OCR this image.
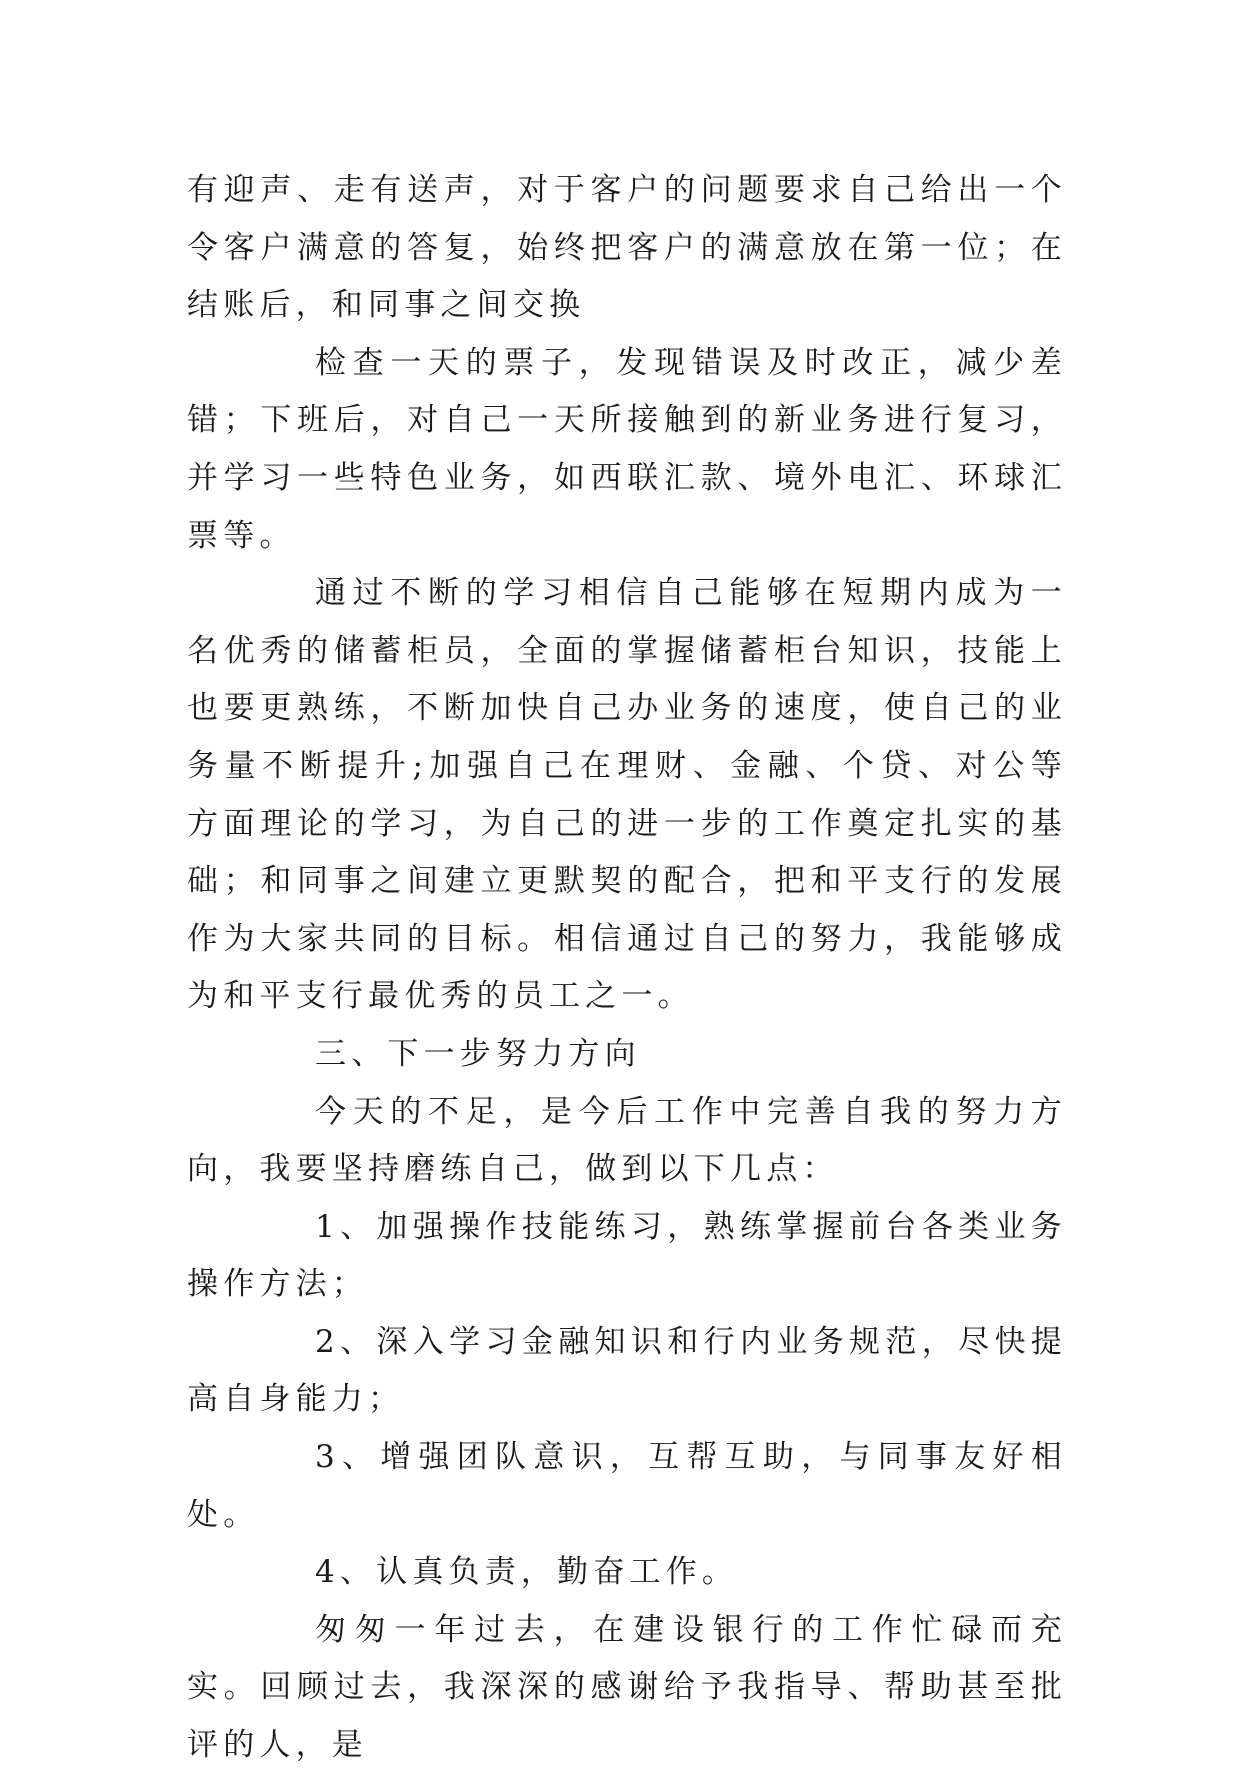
有迎声、走有送声，对于客户的问题要求自己给出一个令客户满意的答复，始终把客户的满意放在第一位；在结账后，和同事之间交换

检查一天的票子，发现错误及时改正，减少差错；下班后，对自己一天所接触到的新业务进行复习，并学习一些特色业务，如西联汇款、境外电汇、环球汇票等。

通过不断的学习相信自己能够在短期内成为一名优秀的储蓄柜员，全面的掌握储蓄柜台知识，技能上也要更熟练，不断加快自己办业务的速度，使自己的业务量不断提升;加强自己在理财、金融、个贷、对公等方面理论的学习，为自己的进一步的工作奠定扎实的基础；和同事之间建立更默契的配合，把和平支行的发展作为大家共同的目标。相信通过自己的努力，我能够成为和平支行最优秀的员工之一。

三、下一步努力方向

今天的不足，是今后工作中完善自我的努力方向，我要坚持磨练自己，做到以下几点：

1、加强操作技能练习，熟练掌握前台各类业务操作方法；

2、深入学习金融知识和行内业务规范，尽快提高自身能力；

3、增强团队意识，互帮互助，与同事友好相处。

4、认真负责，勤奋工作。

匆匆一年过去，在建设银行的工作忙碌而充实。回顾过去，我深深的感谢给予我指导、帮助甚至批评的人，是
